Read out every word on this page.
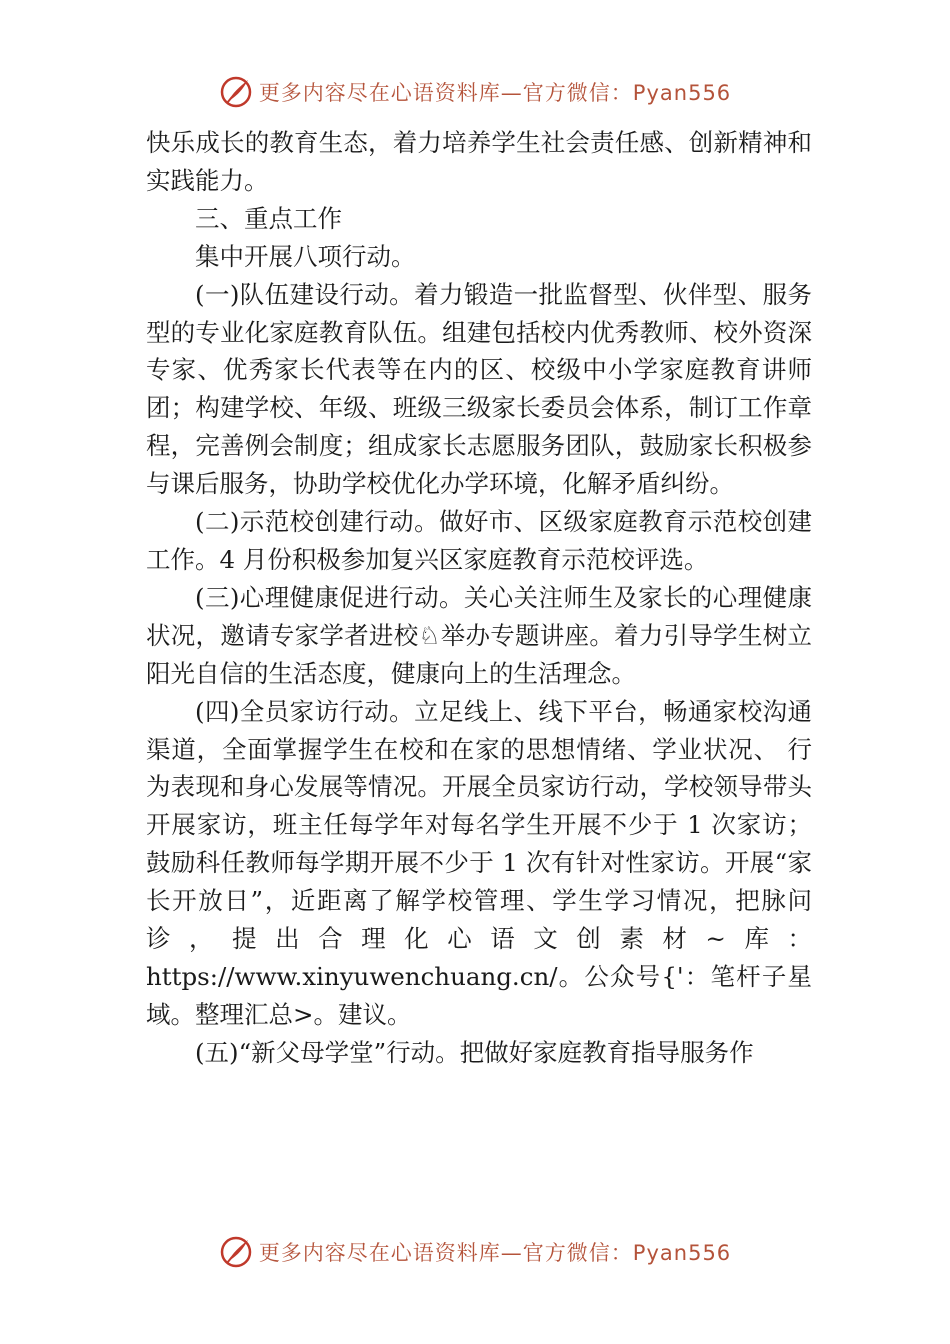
更多内容尽在心语资料库—官方微信：Pyan556

快乐成长的教育生态，着力培养学生社会责任感、创新精神和实践能力。

三、重点工作

集中开展八项行动。

(一)队伍建设行动。着力锻造一批监督型、伙伴型、服务型的专业化家庭教育队伍。组建包括校内优秀教师、校外资深专家、优秀家长代表等在内的区、校级中小学家庭教育讲师团；构建学校、年级、班级三级家长委员会体系，制订工作章程，完善例会制度；组成家长志愿服务团队，鼓励家长积极参与课后服务，协助学校优化办学环境，化解矛盾纠纷。

(二)示范校创建行动。做好市、区级家庭教育示范校创建工作。4 月份积极参加复兴区家庭教育示范校评选。

(三)心理健康促进行动。关心关注师生及家长的心理健康状况，邀请专家学者进校♘举办专题讲座。着力引导学生树立阳光自信的生活态度，健康向上的生活理念。

(四)全员家访行动。立足线上、线下平台，畅通家校沟通渠道，全面掌握学生在校和在家的思想情绪、学业状况、 行为表现和身心发展等情况。开展全员家访行动，学校领导带头开展家访，班主任每学年对每名学生开展不少于 1 次家访；鼓励科任教师每学期开展不少于 1 次有针对性家访。开展“家长开放日”，近距离了解学校管理、学生学习情况，把脉问诊，提出合理化心语文创素材~库：https://www.xinyuwenchuang.cn/。公众号{'：笔杆子星域。整理汇总>。建议。

(五)“新父母学堂”行动。把做好家庭教育指导服务作

更多内容尽在心语资料库—官方微信：Pyan556
